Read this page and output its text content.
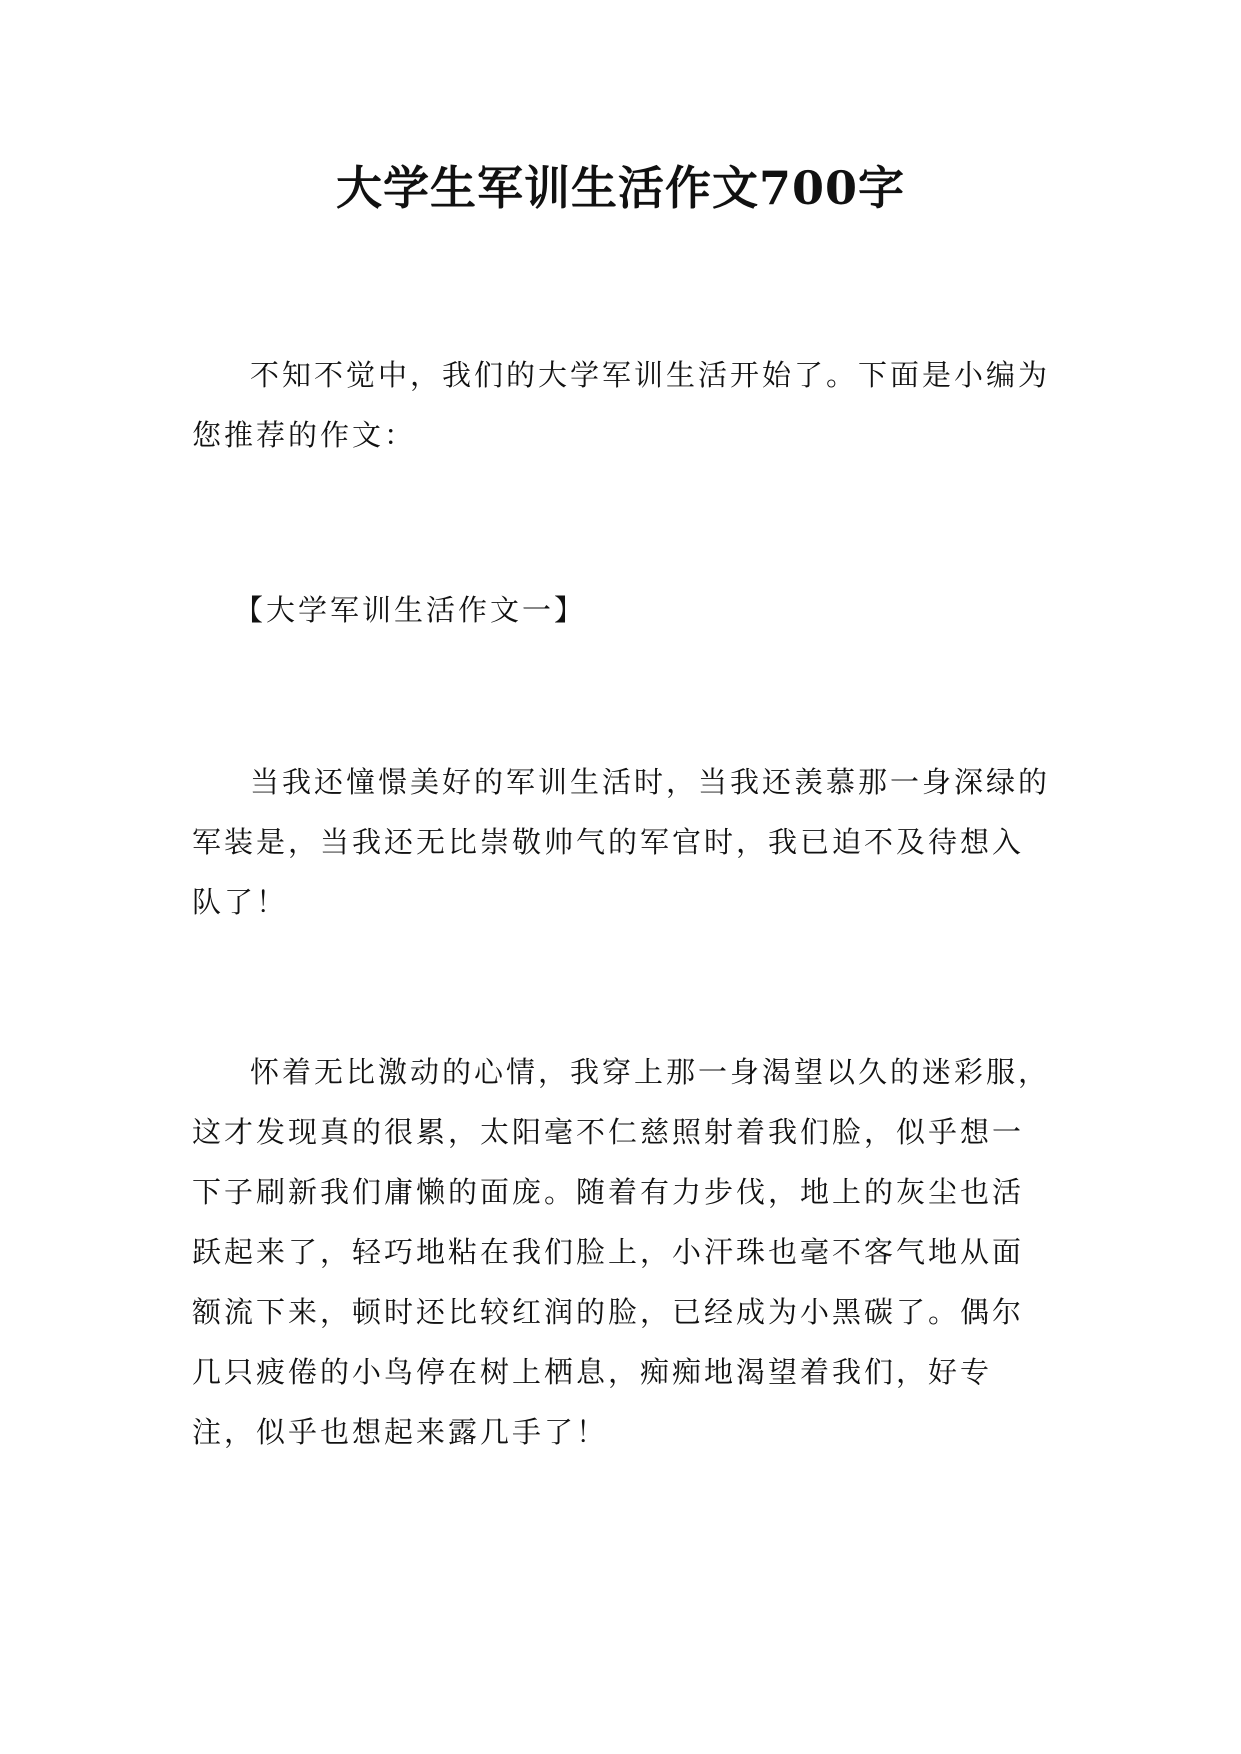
大学生军训生活作文700字

不知不觉中，我们的大学军训生活开始了。下面是小编为您推荐的作文：

【大学军训生活作文一】

当我还憧憬美好的军训生活时，当我还羡慕那一身深绿的军装是，当我还无比崇敬帅气的军官时，我已迫不及待想入队了！

怀着无比激动的心情，我穿上那一身渴望以久的迷彩服，这才发现真的很累，太阳毫不仁慈照射着我们脸，似乎想一下子刷新我们庸懒的面庞。随着有力步伐，地上的灰尘也活跃起来了，轻巧地粘在我们脸上，小汗珠也毫不客气地从面额流下来，顿时还比较红润的脸，已经成为小黑碳了。偶尔几只疲倦的小鸟停在树上栖息，痴痴地渴望着我们，好专注，似乎也想起来露几手了！
